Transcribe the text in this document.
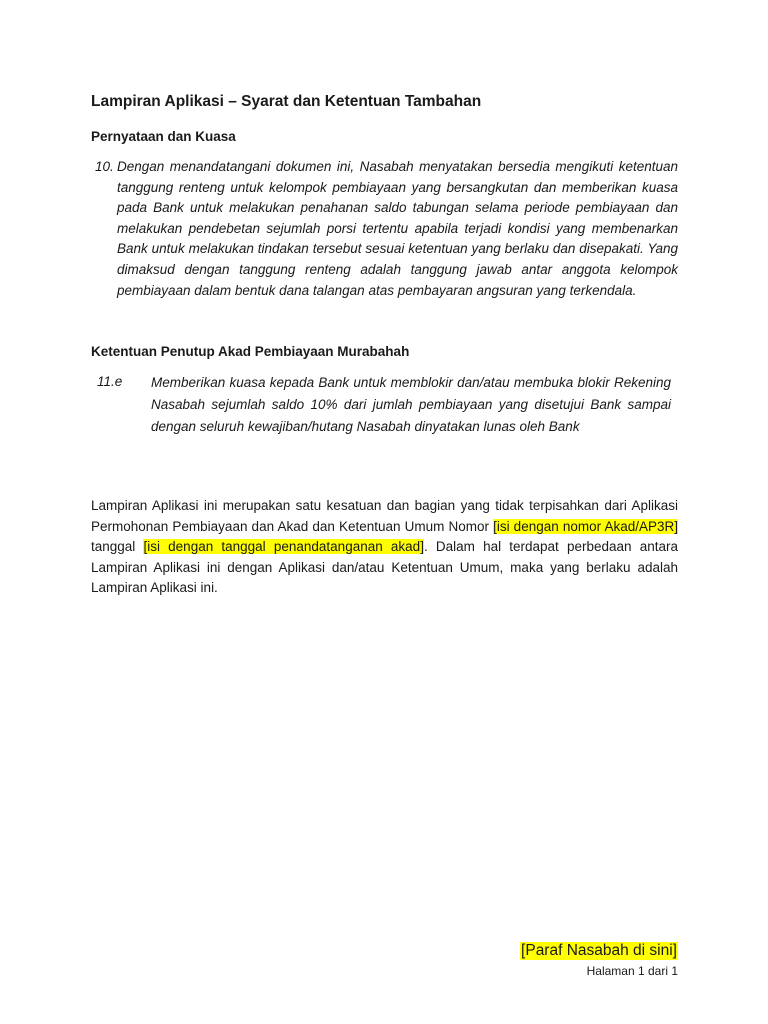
Lampiran Aplikasi – Syarat dan Ketentuan Tambahan
Pernyataan dan Kuasa
10. Dengan menandatangani dokumen ini, Nasabah menyatakan bersedia mengikuti ketentuan tanggung renteng untuk kelompok pembiayaan yang bersangkutan dan memberikan kuasa pada Bank untuk melakukan penahanan saldo tabungan selama periode pembiayaan dan melakukan pendebetan sejumlah porsi tertentu apabila terjadi kondisi yang membenarkan Bank untuk melakukan tindakan tersebut sesuai ketentuan yang berlaku dan disepakati. Yang dimaksud dengan tanggung renteng adalah tanggung jawab antar anggota kelompok pembiayaan dalam bentuk dana talangan atas pembayaran angsuran yang terkendala.

Ketentuan Penutup Akad Pembiayaan Murabahah
11.e Memberikan kuasa kepada Bank untuk memblokir dan/atau membuka blokir Rekening Nasabah sejumlah saldo 10% dari jumlah pembiayaan yang disetujui Bank sampai dengan seluruh kewajiban/hutang Nasabah dinyatakan lunas oleh Bank

Lampiran Aplikasi ini merupakan satu kesatuan dan bagian yang tidak terpisahkan dari Aplikasi Permohonan Pembiayaan dan Akad dan Ketentuan Umum Nomor [isi dengan nomor Akad/AP3R] tanggal [isi dengan tanggal penandatanganan akad]. Dalam hal terdapat perbedaan antara Lampiran Aplikasi ini dengan Aplikasi dan/atau Ketentuan Umum, maka yang berlaku adalah Lampiran Aplikasi ini.

[Paraf Nasabah di sini]
Halaman 1 dari 1
